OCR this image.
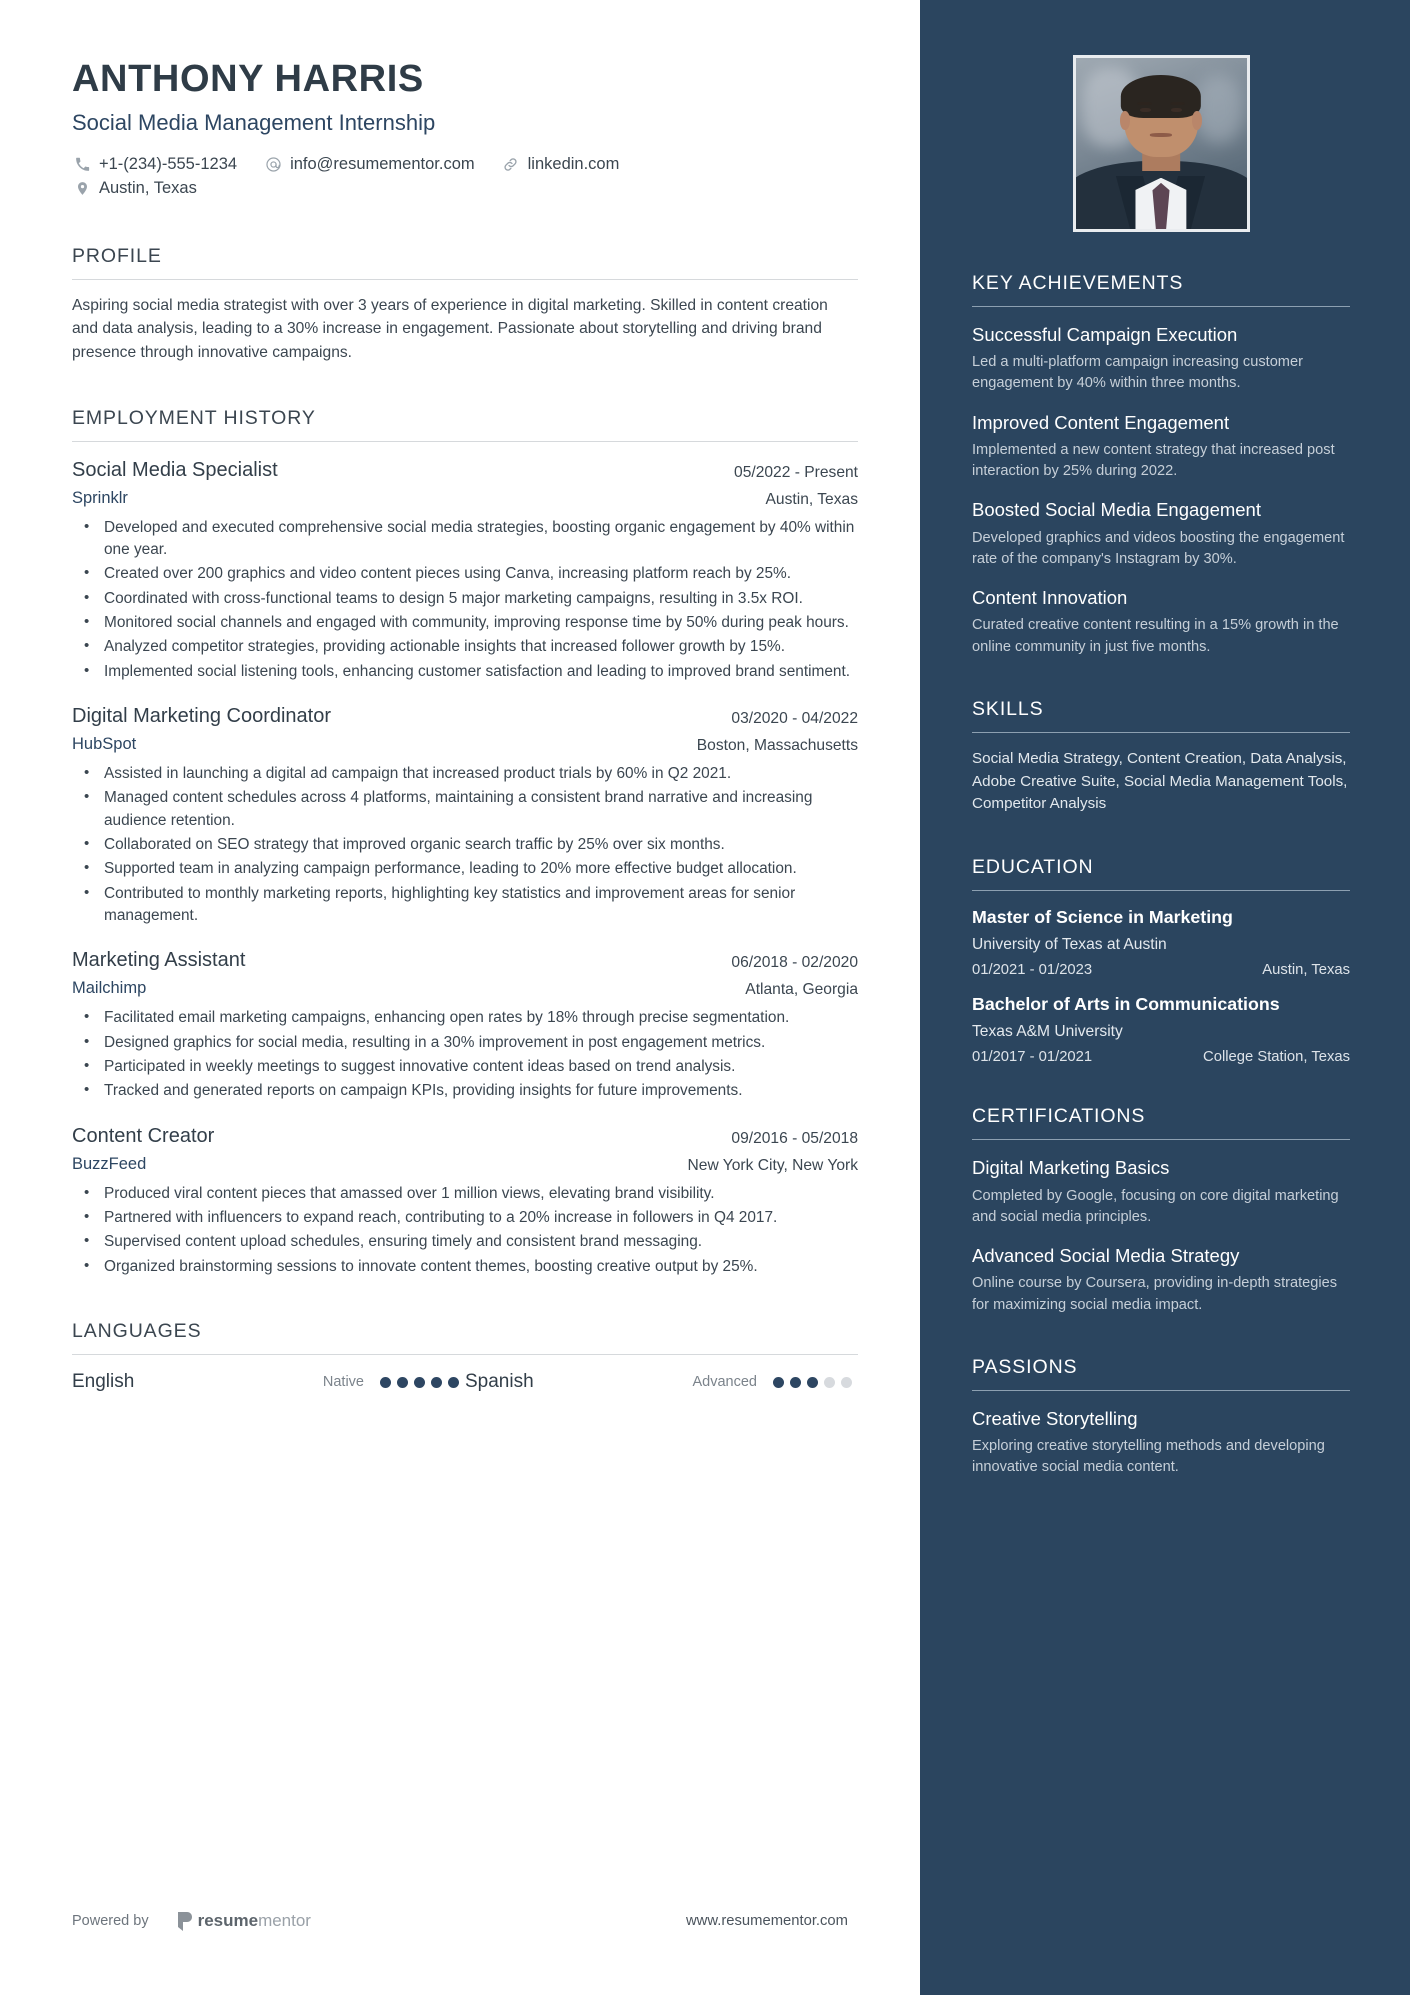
ANTHONY HARRIS
Social Media Management Internship
+1-(234)-555-1234	info@resumementor.com	linkedin.com
Austin, Texas
PROFILE
Aspiring social media strategist with over 3 years of experience in digital marketing. Skilled in content creation and data analysis, leading to a 30% increase in engagement. Passionate about storytelling and driving brand presence through innovative campaigns.
EMPLOYMENT HISTORY
Social Media Specialist	05/2022 - Present
Sprinklr	Austin, Texas
• Developed and executed comprehensive social media strategies, boosting organic engagement by 40% within one year.
• Created over 200 graphics and video content pieces using Canva, increasing platform reach by 25%.
• Coordinated with cross-functional teams to design 5 major marketing campaigns, resulting in 3.5x ROI.
• Monitored social channels and engaged with community, improving response time by 50% during peak hours.
• Analyzed competitor strategies, providing actionable insights that increased follower growth by 15%.
• Implemented social listening tools, enhancing customer satisfaction and leading to improved brand sentiment.
Digital Marketing Coordinator	03/2020 - 04/2022
HubSpot	Boston, Massachusetts
• Assisted in launching a digital ad campaign that increased product trials by 60% in Q2 2021.
• Managed content schedules across 4 platforms, maintaining a consistent brand narrative and increasing audience retention.
• Collaborated on SEO strategy that improved organic search traffic by 25% over six months.
• Supported team in analyzing campaign performance, leading to 20% more effective budget allocation.
• Contributed to monthly marketing reports, highlighting key statistics and improvement areas for senior management.
Marketing Assistant	06/2018 - 02/2020
Mailchimp	Atlanta, Georgia
• Facilitated email marketing campaigns, enhancing open rates by 18% through precise segmentation.
• Designed graphics for social media, resulting in a 30% improvement in post engagement metrics.
• Participated in weekly meetings to suggest innovative content ideas based on trend analysis.
• Tracked and generated reports on campaign KPIs, providing insights for future improvements.
Content Creator	09/2016 - 05/2018
BuzzFeed	New York City, New York
• Produced viral content pieces that amassed over 1 million views, elevating brand visibility.
• Partnered with influencers to expand reach, contributing to a 20% increase in followers in Q4 2017.
• Supervised content upload schedules, ensuring timely and consistent brand messaging.
• Organized brainstorming sessions to innovate content themes, boosting creative output by 25%.
LANGUAGES
English	Native	Spanish	Advanced
Powered by	resumementor	www.resumementor.com
KEY ACHIEVEMENTS
Successful Campaign Execution
Led a multi-platform campaign increasing customer engagement by 40% within three months.
Improved Content Engagement
Implemented a new content strategy that increased post interaction by 25% during 2022.
Boosted Social Media Engagement
Developed graphics and videos boosting the engagement rate of the company's Instagram by 30%.
Content Innovation
Curated creative content resulting in a 15% growth in the online community in just five months.
SKILLS
Social Media Strategy, Content Creation, Data Analysis, Adobe Creative Suite, Social Media Management Tools, Competitor Analysis
EDUCATION
Master of Science in Marketing
University of Texas at Austin
01/2021 - 01/2023	Austin, Texas
Bachelor of Arts in Communications
Texas A&M University
01/2017 - 01/2021	College Station, Texas
CERTIFICATIONS
Digital Marketing Basics
Completed by Google, focusing on core digital marketing and social media principles.
Advanced Social Media Strategy
Online course by Coursera, providing in-depth strategies for maximizing social media impact.
PASSIONS
Creative Storytelling
Exploring creative storytelling methods and developing innovative social media content.
